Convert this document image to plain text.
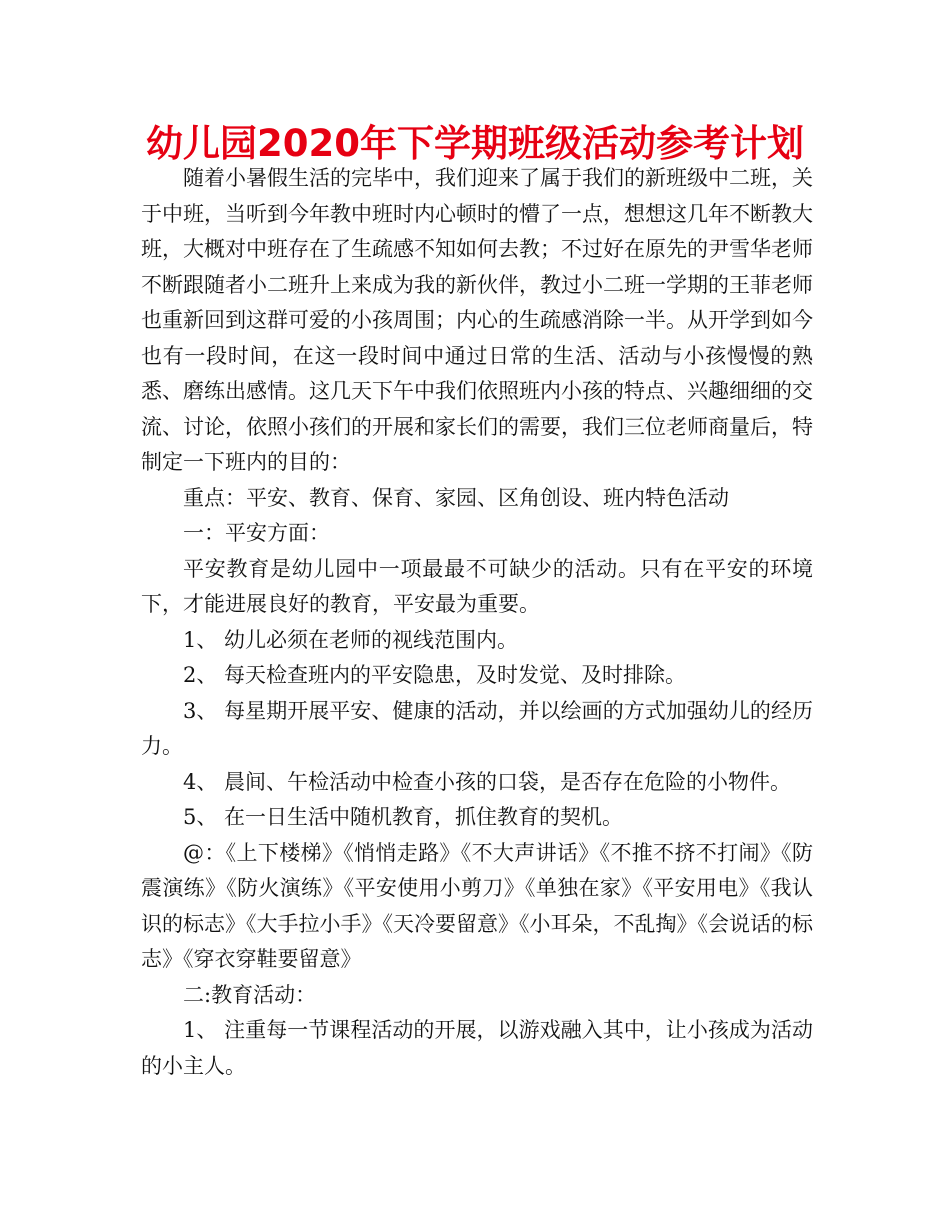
幼儿园2020年下学期班级活动参考计划

随着小暑假生活的完毕中，我们迎来了属于我们的新班级中二班，关于中班，当听到今年教中班时内心顿时的懵了一点，想想这几年不断教大班，大概对中班存在了生疏感不知如何去教；不过好在原先的尹雪华老师不断跟随者小二班升上来成为我的新伙伴，教过小二班一学期的王菲老师也重新回到这群可爱的小孩周围；内心的生疏感消除一半。从开学到如今也有一段时间，在这一段时间中通过日常的生活、活动与小孩慢慢的熟悉、磨练出感情。这几天下午中我们依照班内小孩的特点、兴趣细细的交流、讨论，依照小孩们的开展和家长们的需要，我们三位老师商量后，特制定一下班内的目的：

重点：平安、教育、保育、家园、区角创设、班内特色活动

一：平安方面：

平安教育是幼儿园中一项最最不可缺少的活动。只有在平安的环境下，才能进展良好的教育，平安最为重要。

1、 幼儿必须在老师的视线范围内。

2、 每天检查班内的平安隐患，及时发觉、及时排除。

3、 每星期开展平安、健康的活动，并以绘画的方式加强幼儿的经历力。

4、 晨间、午检活动中检查小孩的口袋，是否存在危险的小物件。

5、 在一日生活中随机教育，抓住教育的契机。

@：《上下楼梯》《悄悄走路》《不大声讲话》《不推不挤不打闹》《防震演练》《防火演练》《平安使用小剪刀》《单独在家》《平安用电》《我认识的标志》《大手拉小手》《天冷要留意》《小耳朵，不乱掏》《会说话的标志》《穿衣穿鞋要留意》

二:教育活动：

1、 注重每一节课程活动的开展，以游戏融入其中，让小孩成为活动的小主人。
